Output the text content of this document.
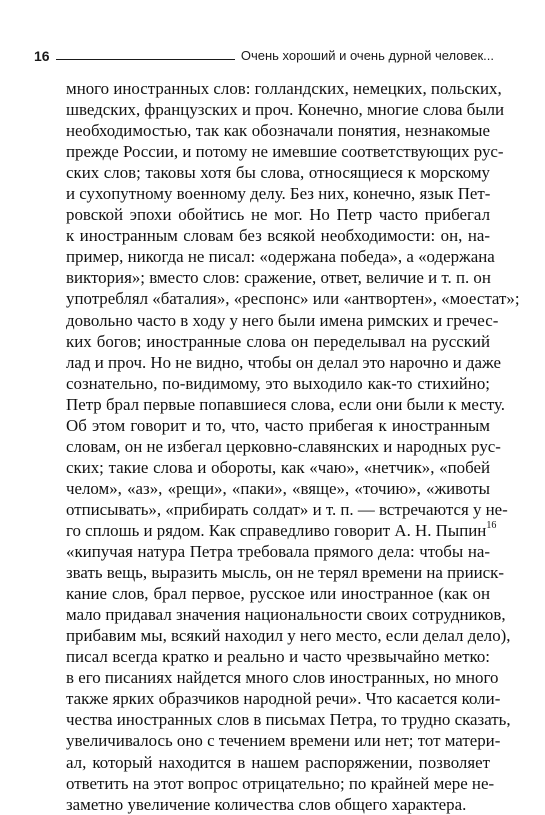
16	Очень хороший и очень дурной человек...
много иностранных слов: голландских, немецких, польских,
шведских, французских и проч. Конечно, многие слова были
необходимостью, так как обозначали понятия, незнакомые
прежде России, и потому не имевшие соответствующих рус-
ских слов; таковы хотя бы слова, относящиеся к морскому
и сухопутному военному делу. Без них, конечно, язык Пет-
ровской эпохи обойтись не мог. Но Петр часто прибегал
к иностранным словам без всякой необходимости: он, на-
пример, никогда не писал: «одержана победа», а «одержана
виктория»; вместо слов: сражение, ответ, величие и т. п. он
употреблял «баталия», «респонс» или «антвортен», «моестат»;
довольно часто в ходу у него были имена римских и гречес-
ких богов; иностранные слова он переделывал на русский
лад и проч. Но не видно, чтобы он делал это нарочно и даже
сознательно, по-видимому, это выходило как-то стихийно;
Петр брал первые попавшиеся слова, если они были к месту.
Об этом говорит и то, что, часто прибегая к иностранным
словам, он не избегал церковно-славянских и народных рус-
ских; такие слова и обороты, как «чаю», «нетчик», «побей
челом», «аз», «рещи», «паки», «вяще», «точию», «животы
отписывать», «прибирать солдат» и т. п. — встречаются у не-
го сплошь и рядом. Как справедливо говорит А. Н. Пыпин$^{16}$
«кипучая натура Петра требовала прямого дела: чтобы на-
звать вещь, выразить мысль, он не терял времени на прииск-
кание слов, брал первое, русское или иностранное (как он
мало придавал значения национальности своих сотрудников,
прибавим мы, всякий находил у него место, если делал дело),
писал всегда кратко и реально и часто чрезвычайно метко:
в его писаниях найдется много слов иностранных, но много
также ярких образчиков народной речи». Что касается коли-
чества иностранных слов в письмах Петра, то трудно сказать,
увеличивалось оно с течением времени или нет; тот матери-
ал, который находится в нашем распоряжении, позволяет
ответить на этот вопрос отрицательно; по крайней мере не-
заметно увеличение количества слов общего характера.
